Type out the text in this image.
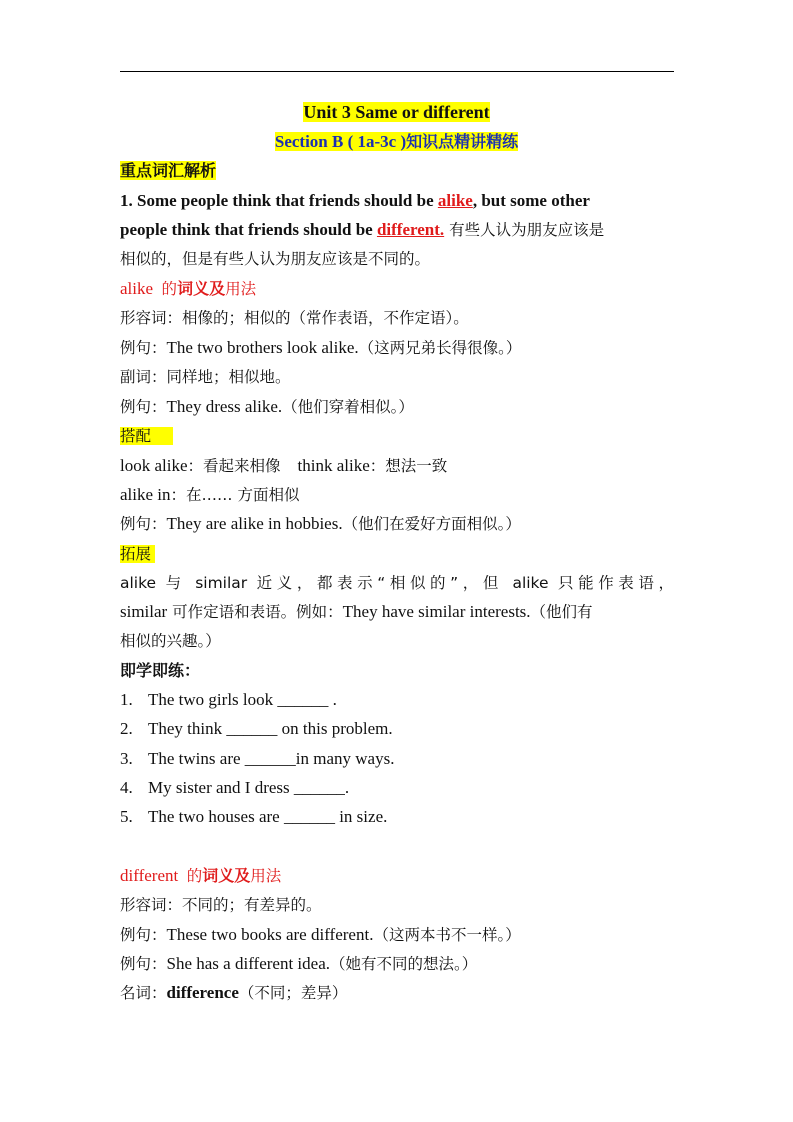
Unit 3 Same or different
Section B ( 1a-3c )知识点精讲精练
重点词汇解析
1. Some people think that friends should be alike, but some other
people think that friends should be different. 有些人认为朋友应该是
相似的，但是有些人认为朋友应该是不同的。
alike 的词义及用法
形容词：相像的；相似的（常作表语，不作定语）。
例句：The two brothers look alike.（这两兄弟长得很像。）
副词：同样地；相似地。
例句：They dress alike.（他们穿着相似。）
搭配
look alike：看起来相像 think alike：想法一致
alike in：在…… 方面相似
例句：They are alike in hobbies.（他们在爱好方面相似。）
拓展
alike 与 similar 近义，都表示“相似的”，但 alike 只能作表语，
similar 可作定语和表语。例如：They have similar interests.（他们有
相似的兴趣。）
即学即练：
1. The two girls look ______ .
2. They think ______ on this problem.
3. The twins are ______in many ways.
4. My sister and I dress ______.
5. The two houses are ______ in size.
different 的词义及用法
形容词：不同的；有差异的。
例句：These two books are different.（这两本书不一样。）
例句：She has a different idea.（她有不同的想法。）
名词：difference（不同；差异）
